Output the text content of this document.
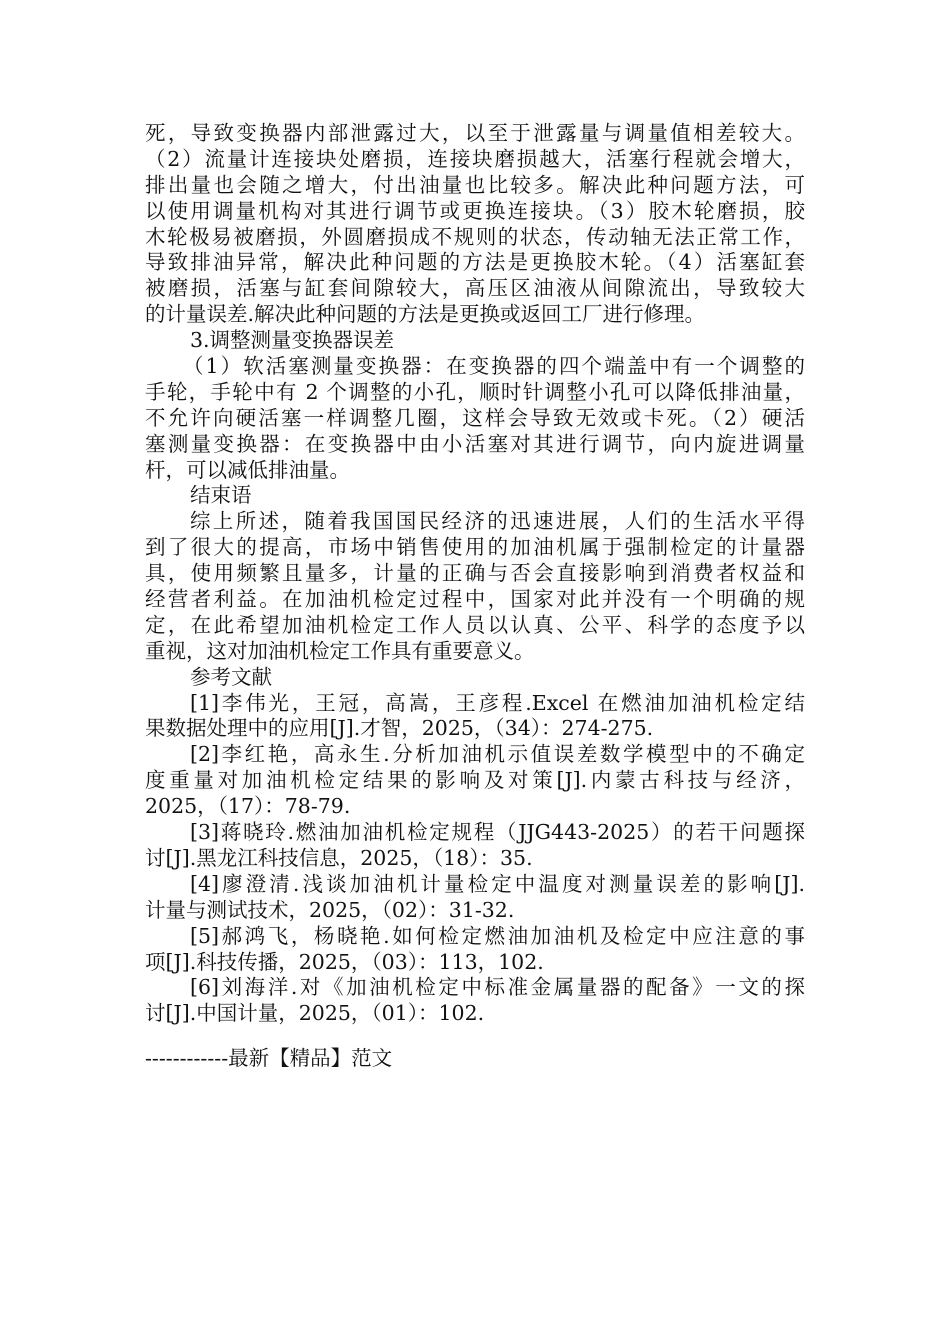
死，导致变换器内部泄露过大，以至于泄露量与调量值相差较大。
（2）流量计连接块处磨损，连接块磨损越大，活塞行程就会增大，
排出量也会随之增大，付出油量也比较多。解决此种问题方法，可
以使用调量机构对其进行调节或更换连接块。（3）胶木轮磨损，胶
木轮极易被磨损，外圆磨损成不规则的状态，传动轴无法正常工作，
导致排油异常，解决此种问题的方法是更换胶木轮。（4）活塞缸套
被磨损，活塞与缸套间隙较大，高压区油液从间隙流出，导致较大
的计量误差.解决此种问题的方法是更换或返回工厂进行修理。
3.调整测量变换器误差
（1）软活塞测量变换器：在变换器的四个端盖中有一个调整的
手轮，手轮中有 2 个调整的小孔，顺时针调整小孔可以降低排油量，
不允许向硬活塞一样调整几圈，这样会导致无效或卡死。（2）硬活
塞测量变换器：在变换器中由小活塞对其进行调节，向内旋进调量
杆，可以减低排油量。
结束语
综上所述，随着我国国民经济的迅速进展，人们的生活水平得
到了很大的提高，市场中销售使用的加油机属于强制检定的计量器
具，使用频繁且量多，计量的正确与否会直接影响到消费者权益和
经营者利益。在加油机检定过程中，国家对此并没有一个明确的规
定，在此希望加油机检定工作人员以认真、公平、科学的态度予以
重视，这对加油机检定工作具有重要意义。
参考文献
[1]李伟光，王冠，高嵩，王彦程.Excel 在燃油加油机检定结
果数据处理中的应用[J].才智，2025，（34）：274-275.
[2]李红艳，高永生.分析加油机示值误差数学模型中的不确定
度重量对加油机检定结果的影响及对策[J].内蒙古科技与经济，
2025，（17）：78-79.
[3]蒋晓玲.燃油加油机检定规程（JJG443-2025）的若干问题探
讨[J].黑龙江科技信息，2025，（18）：35.
[4]廖澄清.浅谈加油机计量检定中温度对测量误差的影响[J].
计量与测试技术，2025，（02）：31-32.
[5]郝鸿飞，杨晓艳.如何检定燃油加油机及检定中应注意的事
项[J].科技传播，2025，（03）：113，102.
[6]刘海洋.对《加油机检定中标准金属量器的配备》一文的探
讨[J].中国计量，2025，（01）：102.
------------最新【精品】范文
